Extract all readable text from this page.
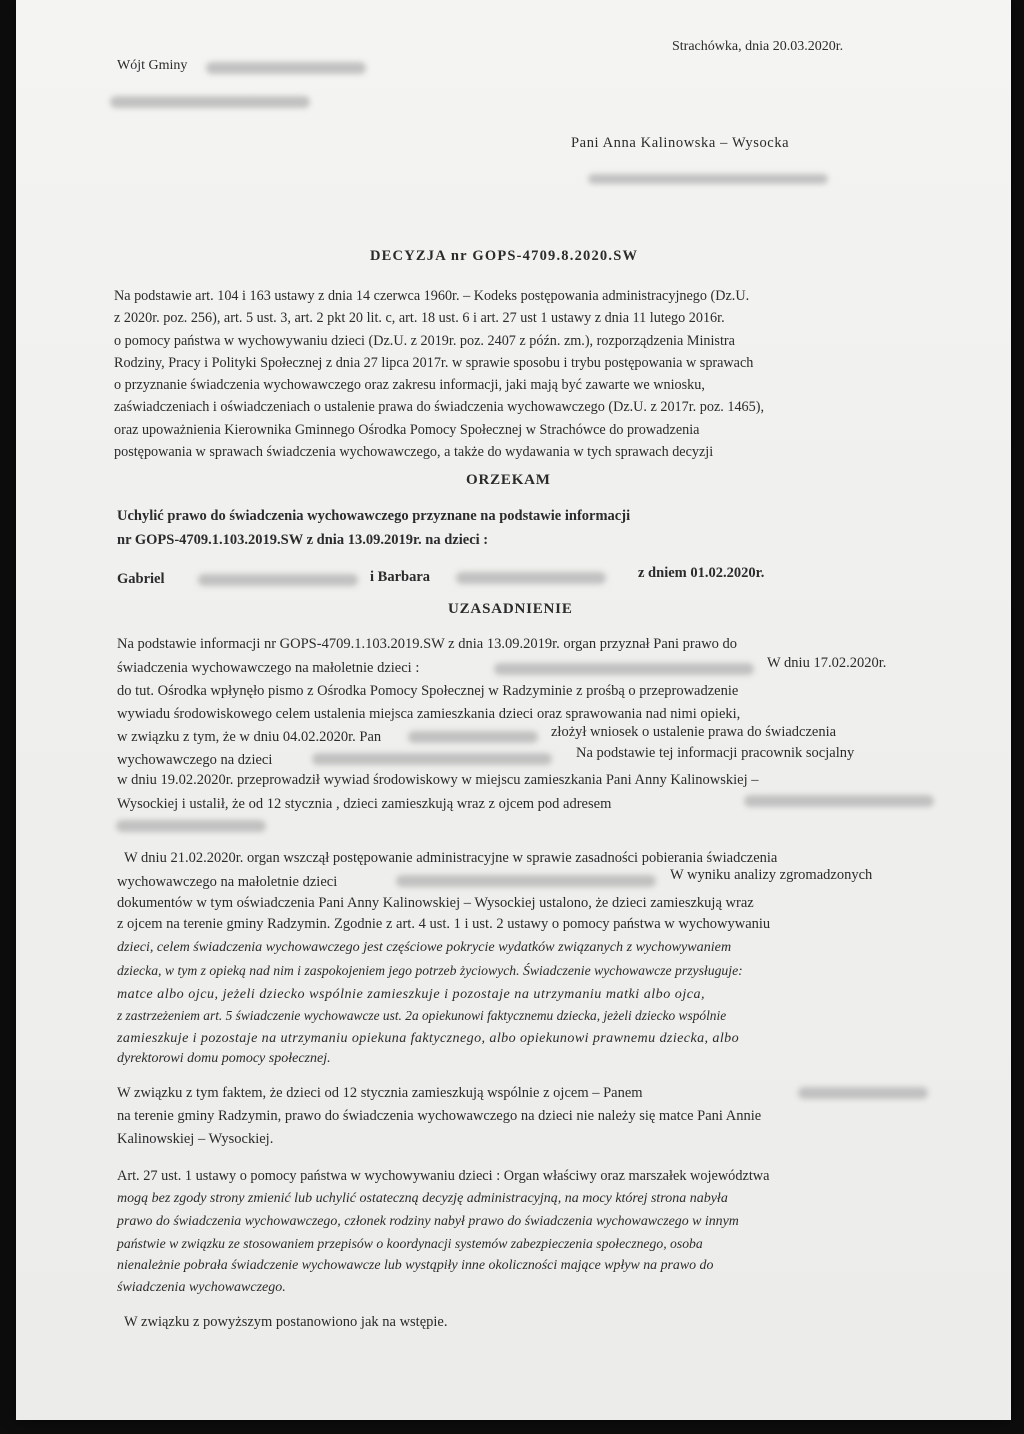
Wójt Gminy
Strachówka, dnia 20.03.2020r.
Pani Anna Kalinowska – Wysocka
DECYZJA nr GOPS-4709.8.2020.SW

Na podstawie art. 104 i 163 ustawy z dnia 14 czerwca 1960r. – Kodeks postępowania administracyjnego (Dz.U.

z 2020r. poz. 256), art. 5 ust. 3, art. 2 pkt 20 lit. c, art. 18 ust. 6 i art. 27 ust 1 ustawy z dnia 11 lutego 2016r.

o pomocy państwa w wychowywaniu dzieci (Dz.U. z 2019r. poz. 2407 z późn. zm.), rozporządzenia Ministra

Rodziny, Pracy i Polityki Społecznej z dnia 27 lipca 2017r. w sprawie sposobu i trybu postępowania w sprawach

o przyznanie świadczenia wychowawczego oraz zakresu informacji, jaki mają być zawarte we wniosku,

zaświadczeniach i oświadczeniach o ustalenie prawa do świadczenia wychowawczego (Dz.U. z 2017r. poz. 1465),

oraz upoważnienia Kierownika Gminnego Ośrodka Pomocy Społecznej w Strachówce do prowadzenia

postępowania w sprawach świadczenia wychowawczego, a także do wydawania w tych sprawach decyzji

ORZEKAM
Uchylić prawo do świadczenia wychowawczego przyznane na podstawie informacji
nr GOPS-4709.1.103.2019.SW z dnia 13.09.2019r. na dzieci :
Gabriel	i Barbara	z dniem 01.02.2020r.
UZASADNIENIE
Na podstawie informacji nr GOPS-4709.1.103.2019.SW z dnia 13.09.2019r. organ przyznał Pani prawo do
świadczenia wychowawczego na małoletnie dzieci :	W dniu 17.02.2020r.
do tut. Ośrodka wpłynęło pismo z Ośrodka Pomocy Społecznej w Radzyminie z prośbą o przeprowadzenie
wywiadu środowiskowego celem ustalenia miejsca zamieszkania dzieci oraz sprawowania nad nimi opieki,
w związku z tym, że w dniu 04.02.2020r. Pan	złożył wniosek o ustalenie prawa do świadczenia
wychowawczego na dzieci	Na podstawie tej informacji pracownik socjalny
w dniu 19.02.2020r. przeprowadził wywiad środowiskowy w miejscu zamieszkania Pani Anny Kalinowskiej –
Wysockiej i ustalił, że od 12 stycznia , dzieci zamieszkują wraz z ojcem pod adresem
W dniu 21.02.2020r. organ wszczął postępowanie administracyjne w sprawie zasadności pobierania świadczenia
wychowawczego na małoletnie dzieci	W wyniku analizy zgromadzonych
dokumentów w tym oświadczenia Pani Anny Kalinowskiej – Wysockiej ustalono, że dzieci zamieszkują wraz
z ojcem na terenie gminy Radzymin. Zgodnie z art. 4 ust. 1 i ust. 2 ustawy o pomocy państwa w wychowywaniu
dzieci, celem świadczenia wychowawczego jest częściowe pokrycie wydatków związanych z wychowywaniem
dziecka, w tym z opieką nad nim i zaspokojeniem jego potrzeb życiowych. Świadczenie wychowawcze przysługuje:
matce albo ojcu, jeżeli dziecko wspólnie zamieszkuje i pozostaje na utrzymaniu matki albo ojca,
z zastrzeżeniem art. 5 świadczenie wychowawcze ust. 2a opiekunowi faktycznemu dziecka, jeżeli dziecko wspólnie
zamieszkuje i pozostaje na utrzymaniu opiekuna faktycznego, albo opiekunowi prawnemu dziecka, albo
dyrektorowi domu pomocy społecznej.
W związku z tym faktem, że dzieci od 12 stycznia zamieszkują wspólnie z ojcem – Panem
na terenie gminy Radzymin, prawo do świadczenia wychowawczego na dzieci nie należy się matce Pani Annie
Kalinowskiej – Wysockiej.
Art. 27 ust. 1 ustawy o pomocy państwa w wychowywaniu dzieci : Organ właściwy oraz marszałek województwa
mogą bez zgody strony zmienić lub uchylić ostateczną decyzję administracyjną, na mocy której strona nabyła
prawo do świadczenia wychowawczego, członek rodziny nabył prawo do świadczenia wychowawczego w innym
państwie w związku ze stosowaniem przepisów o koordynacji systemów zabezpieczenia społecznego, osoba
nienależnie pobrała świadczenie wychowawcze lub wystąpiły inne okoliczności mające wpływ na prawo do
świadczenia wychowawczego.
W związku z powyższym postanowiono jak na wstępie.
